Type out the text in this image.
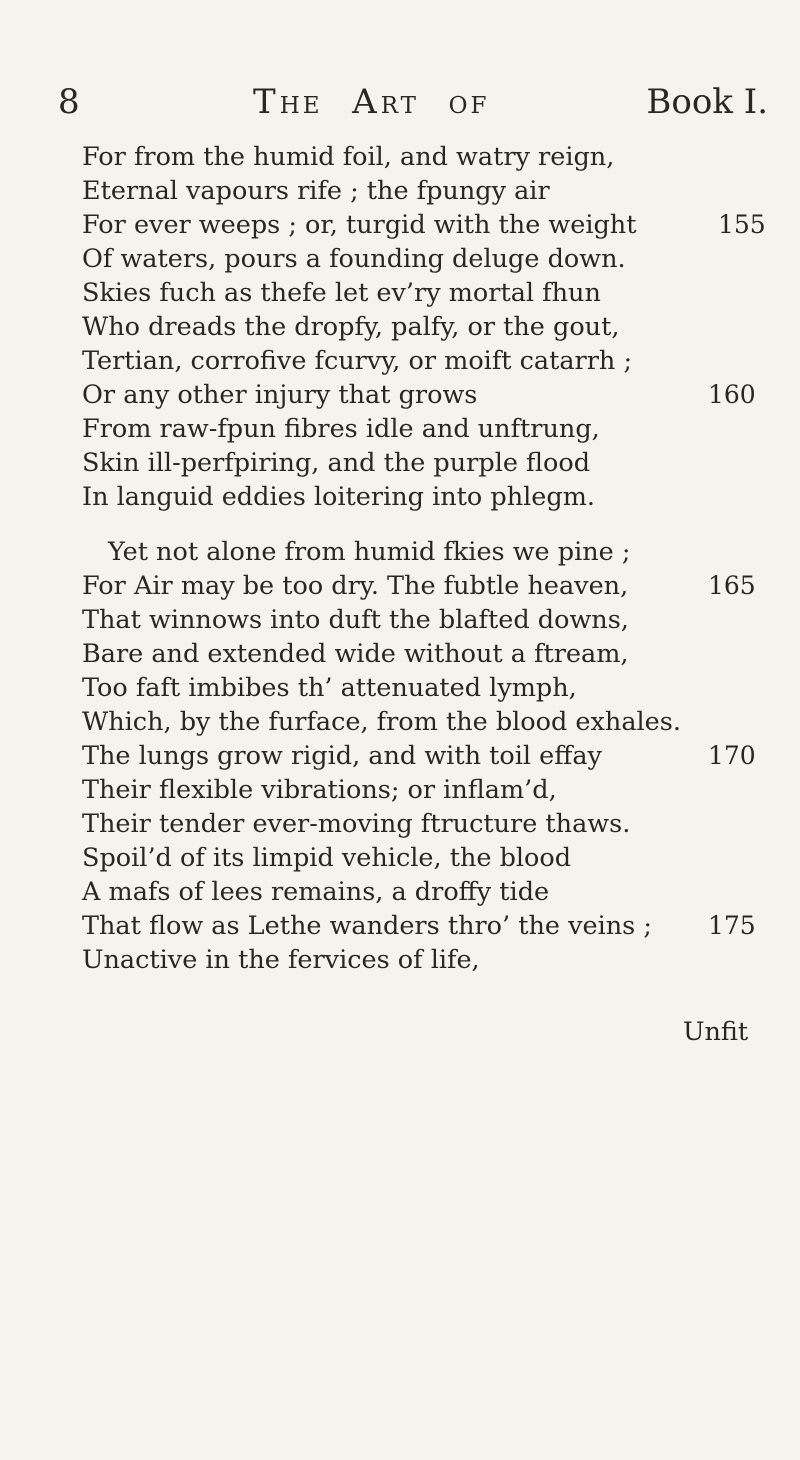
8	THE ART OF	Book I.
For from the humid foil, and watry reign,
Eternal vapours rife ; the fpungy air
For ever weeps ; or, turgid with the weight
Of waters, pours a founding deluge down.
Skies fuch as thefe let ev’ry mortal fhun
Who dreads the dropfy, palfy, or the gout,
Tertian, corrofive fcurvy, or moift catarrh ;
Or any other injury that grows
From raw-fpun fibres idle and unftrung,
Skin ill-perfpiring, and the purple flood
In languid eddies loitering into phlegm.
Yet not alone from humid fkies we pine ;
For Air may be too dry. The fubtle heaven,
That winnows into duft the blafted downs,
Bare and extended wide without a ftream,
Too faft imbibes th’ attenuated lymph,
Which, by the furface, from the blood exhales.
The lungs grow rigid, and with toil effay
Their flexible vibrations; or inflam’d,
Their tender ever-moving ftructure thaws.
Spoil’d of its limpid vehicle, the blood
A mafs of lees remains, a droffy tide
That flow as Lethe wanders thro’ the veins ;
Unactive in the fervices of life,
155
160
165
170
175
Unfit
